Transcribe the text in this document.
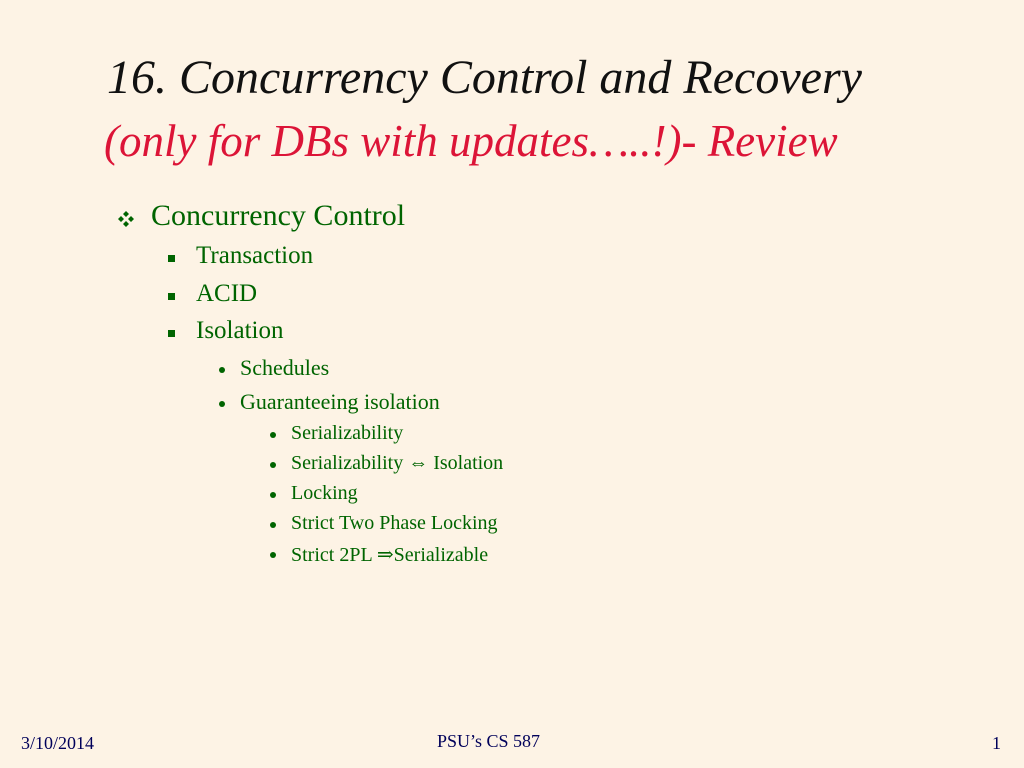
16. Concurrency Control and Recovery
(only for DBs with updates…..!)- Review
Concurrency Control
Transaction
ACID
Isolation
Schedules
Guaranteeing isolation
Serializability
Serializability ⇔ Isolation
Locking
Strict Two Phase Locking
Strict 2PL ⇒Serializable
3/10/2014	PSU’s CS 587	1
